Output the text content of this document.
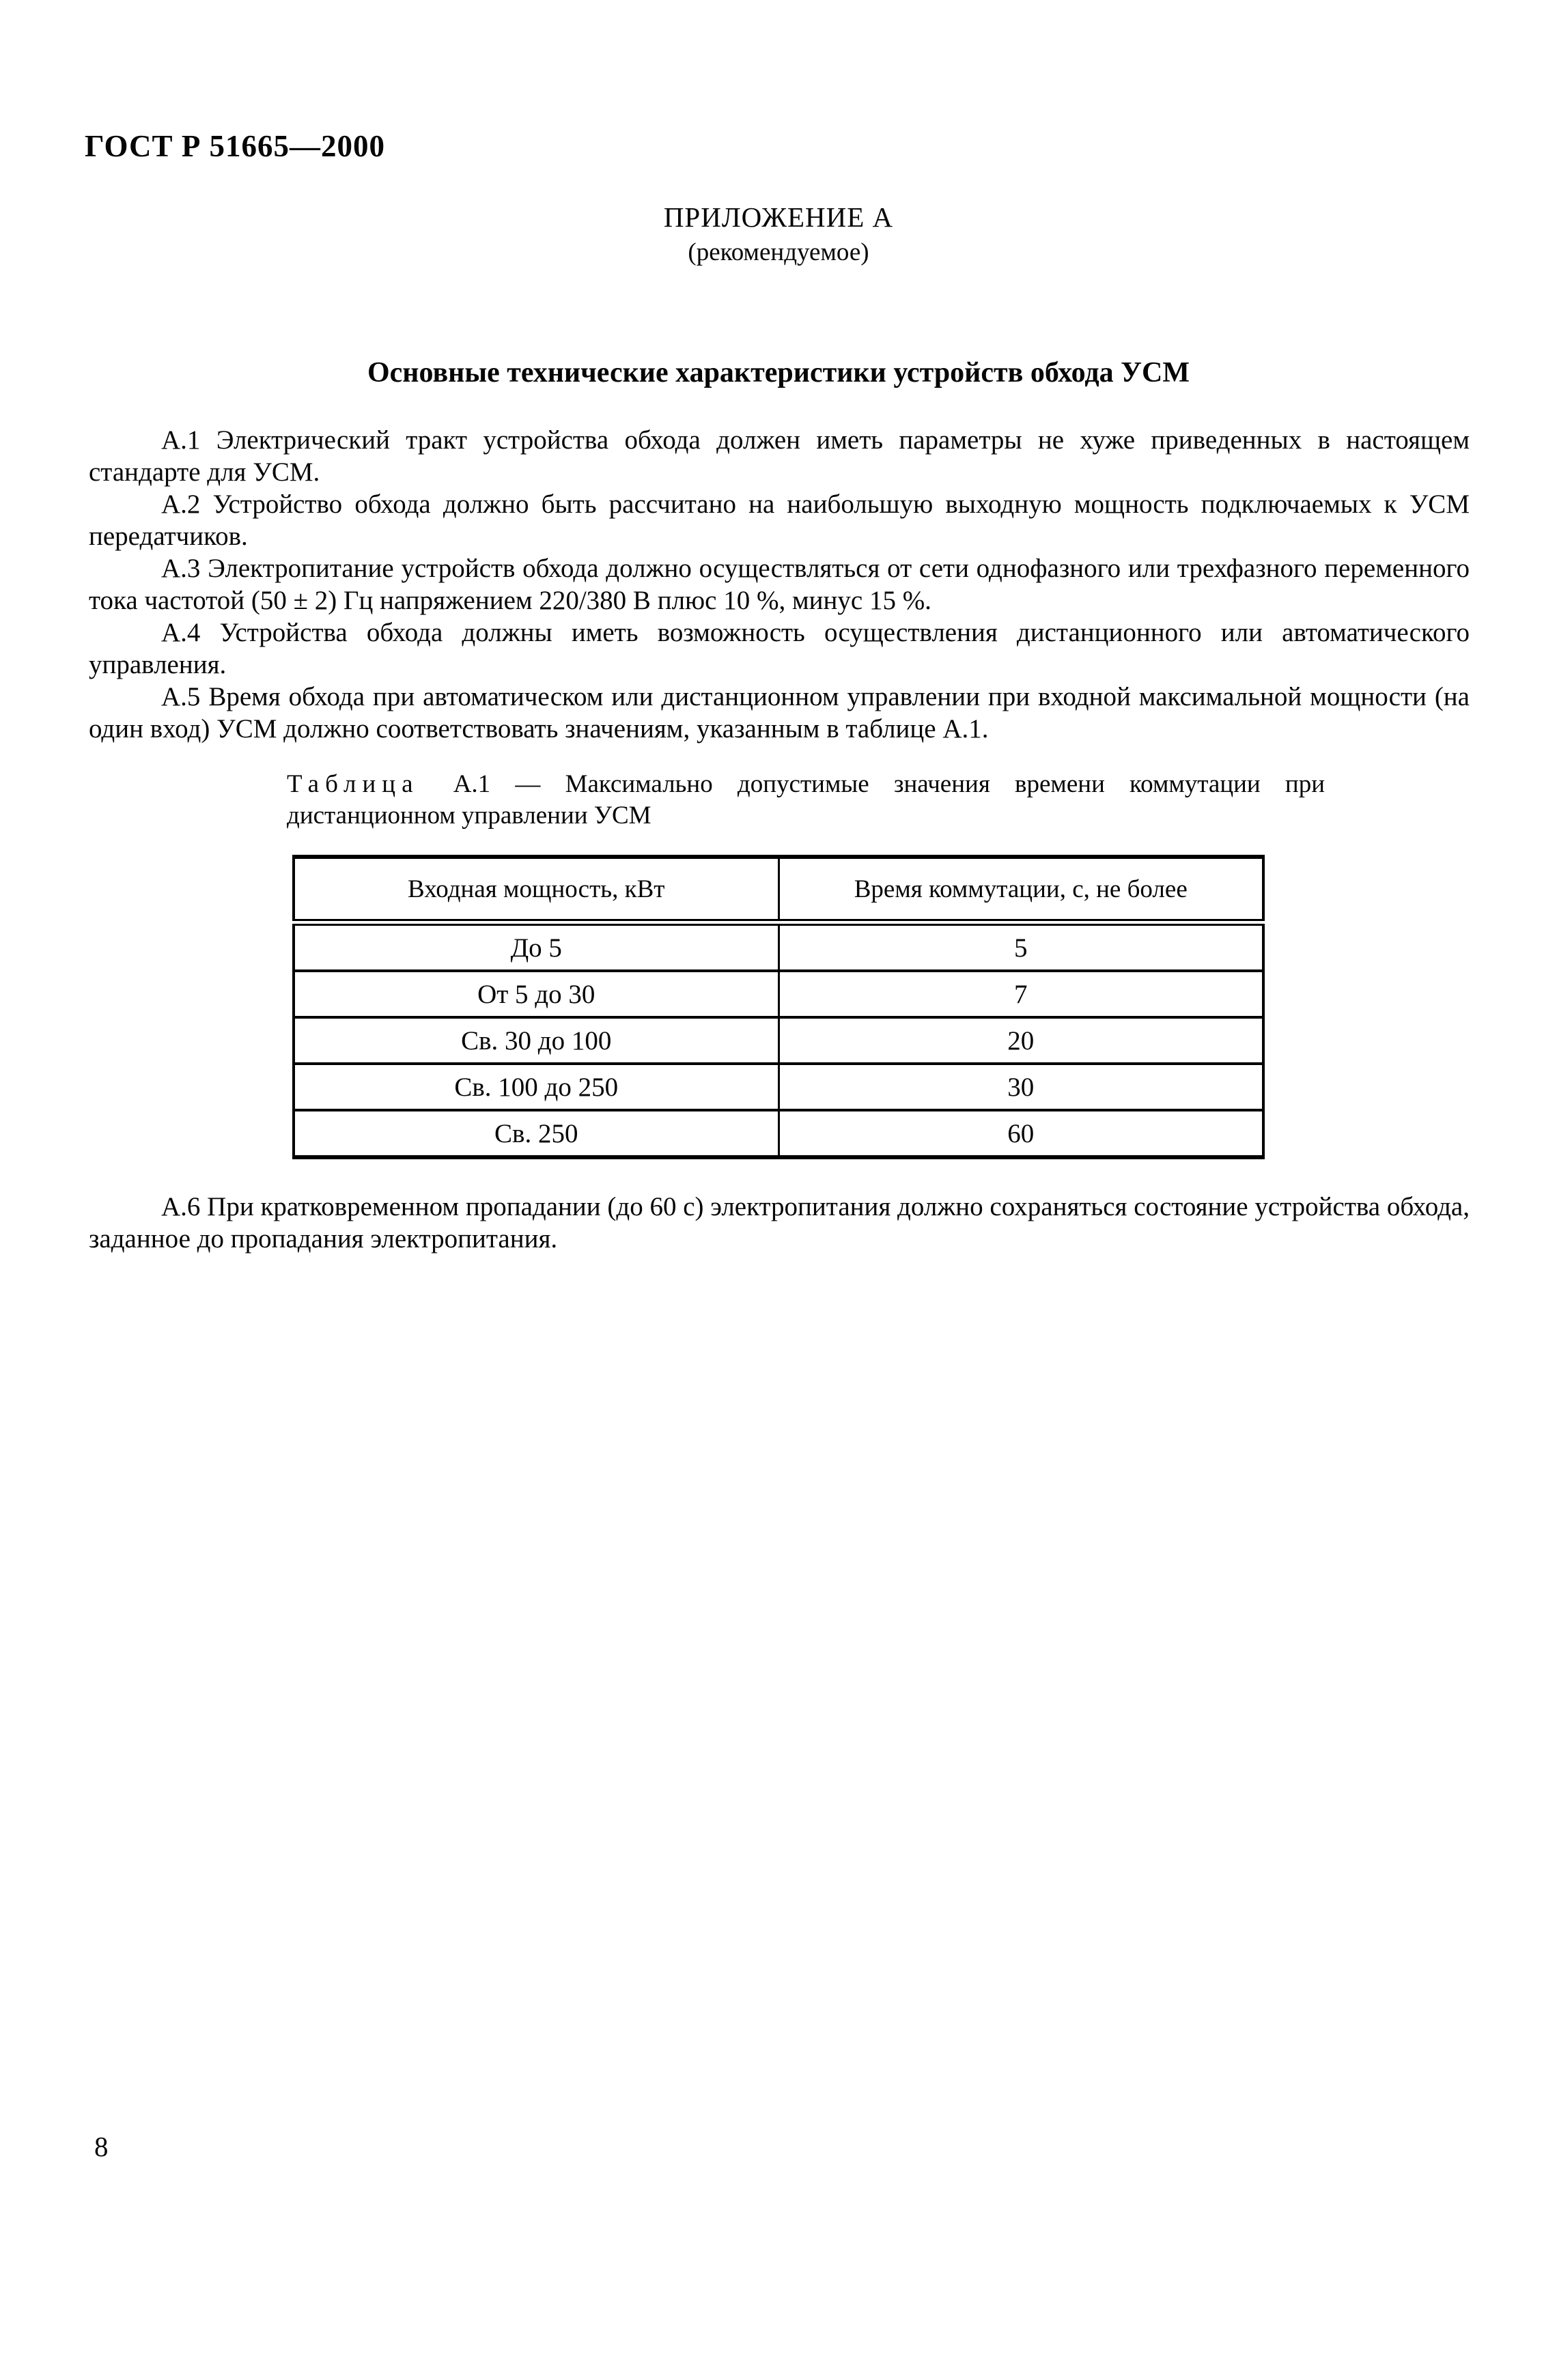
ГОСТ Р 51665—2000
ПРИЛОЖЕНИЕ А
(рекомендуемое)
Основные технические характеристики устройств обхода УСМ

А.1 Электрический тракт устройства обхода должен иметь параметры не хуже приведенных в настоящем стандарте для УСМ.

А.2 Устройство обхода должно быть рассчитано на наибольшую выходную мощность подключаемых к УСМ передатчиков.

А.3 Электропитание устройств обхода должно осуществляться от сети однофазного или трехфазного переменного тока частотой (50 ± 2) Гц напряжением 220/380 В плюс 10 %, минус 15 %.

А.4 Устройства обхода должны иметь возможность осуществления дистанционного или автоматического управления.

А.5 Время обхода при автоматическом или дистанционном управлении при входной максимальной мощности (на один вход) УСМ должно соответствовать значениям, указанным в таблице А.1.

Таблица А.1 — Максимально допустимые значения времени коммутации при дистанционном управлении УСМ
Входная мощность, кВт	Время коммутации, с, не более
До 5	5
От 5 до 30	7
Св. 30 до 100	20
Св. 100 до 250	30
Св. 250	60

А.6 При кратковременном пропадании (до 60 с) электропитания должно сохраняться состояние устройства обхода, заданное до пропадания электропитания.

8
